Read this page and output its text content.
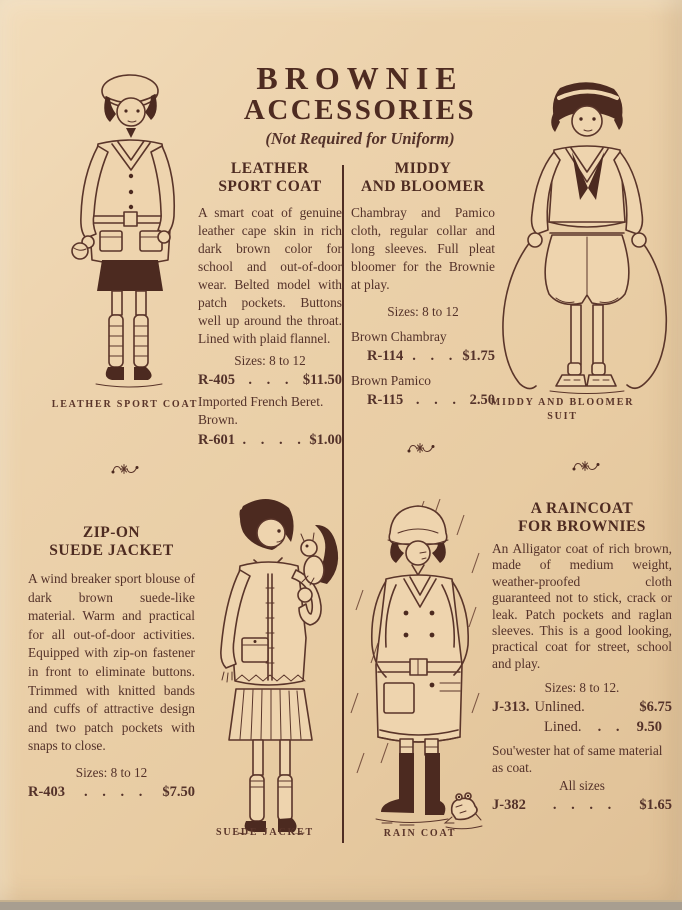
BROWNIE
ACCESSORIES
(Not Required for Uniform)
LEATHER SPORT COAT
LEATHER
SPORT COAT
A smart coat of genuine leather cape skin in rich dark brown color for school and out-of-door wear. Belted model with patch pockets. Buttons well up around the throat. Lined with plaid flannel.
Sizes: 8 to 12
R-405 . . . $11.50
Imported French Beret. Brown.
R-601 . . . . $1.00
MIDDY
AND BLOOMER
Chambray and Pamico cloth, regular collar and long sleeves. Full pleat bloomer for the Brownie at play.
Sizes: 8 to 12
Brown Chambray
R-114 . . . $1.75
Brown Pamico
R-115 . . . 2.50
MIDDY AND BLOOMER
SUIT
ZIP-ON
SUEDE JACKET
A wind breaker sport blouse of dark brown suede-like material. Warm and practical for all out-of-door activities. Equipped with zip-on fastener in front to eliminate buttons. Trimmed with knitted bands and cuffs of attractive design and two patch pockets with snaps to close.
Sizes: 8 to 12
R-403	. . . .	$7.50
SUEDE JACKET	RAIN COAT
A RAINCOAT
FOR BROWNIES
An Alligator coat of rich brown, made of medium weight, weather-proofed cloth guaranteed not to stick, crack or leak. Patch pockets and raglan sleeves. This is a good looking, practical coat for street, school and play.
Sizes: 8 to 12.
J-313. Unlined.	$6.75
Lined.	. .	9.50
Sou'wester hat of same material as coat.
All sizes
J-382	. . . .	$1.65
